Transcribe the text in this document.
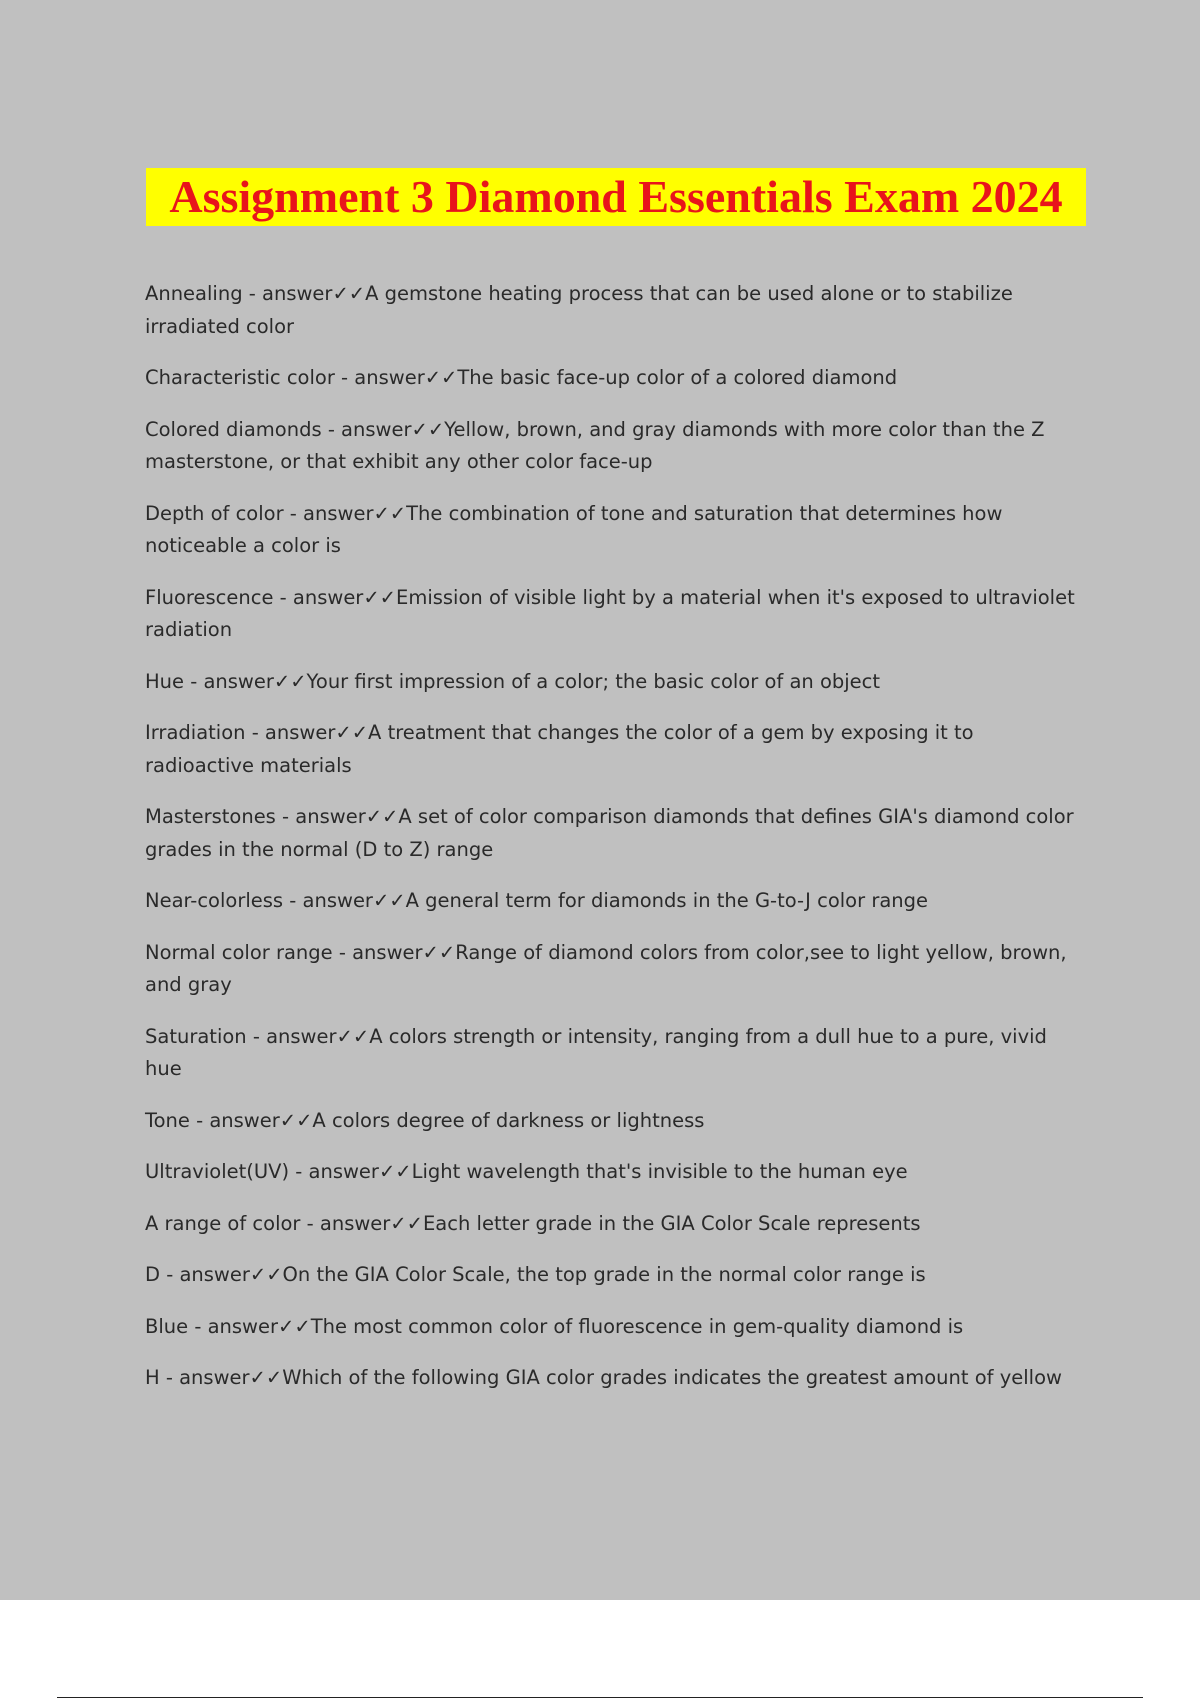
Assignment 3 Diamond Essentials Exam 2024

Annealing - answer✓✓A gemstone heating process that can be used alone or to stabilize irradiated color

Characteristic color - answer✓✓The basic face-up color of a colored diamond

Colored diamonds - answer✓✓Yellow, brown, and gray diamonds with more color than the Z masterstone, or that exhibit any other color face-up

Depth of color - answer✓✓The combination of tone and saturation that determines how noticeable a color is

Fluorescence - answer✓✓Emission of visible light by a material when it's exposed to ultraviolet radiation

Hue - answer✓✓Your first impression of a color; the basic color of an object

Irradiation - answer✓✓A treatment that changes the color of a gem by exposing it to radioactive materials

Masterstones - answer✓✓A set of color comparison diamonds that defines GIA's diamond color grades in the normal (D to Z) range

Near-colorless - answer✓✓A general term for diamonds in the G-to-J color range

Normal color range - answer✓✓Range of diamond colors from color,see to light yellow, brown, and gray

Saturation - answer✓✓A colors strength or intensity, ranging from a dull hue to a pure, vivid hue

Tone - answer✓✓A colors degree of darkness or lightness

Ultraviolet(UV) - answer✓✓Light wavelength that's invisible to the human eye

A range of color - answer✓✓Each letter grade in the GIA Color Scale represents

D - answer✓✓On the GIA Color Scale, the top grade in the normal color range is

Blue - answer✓✓The most common color of fluorescence in gem-quality diamond is

H - answer✓✓Which of the following GIA color grades indicates the greatest amount of yellow
